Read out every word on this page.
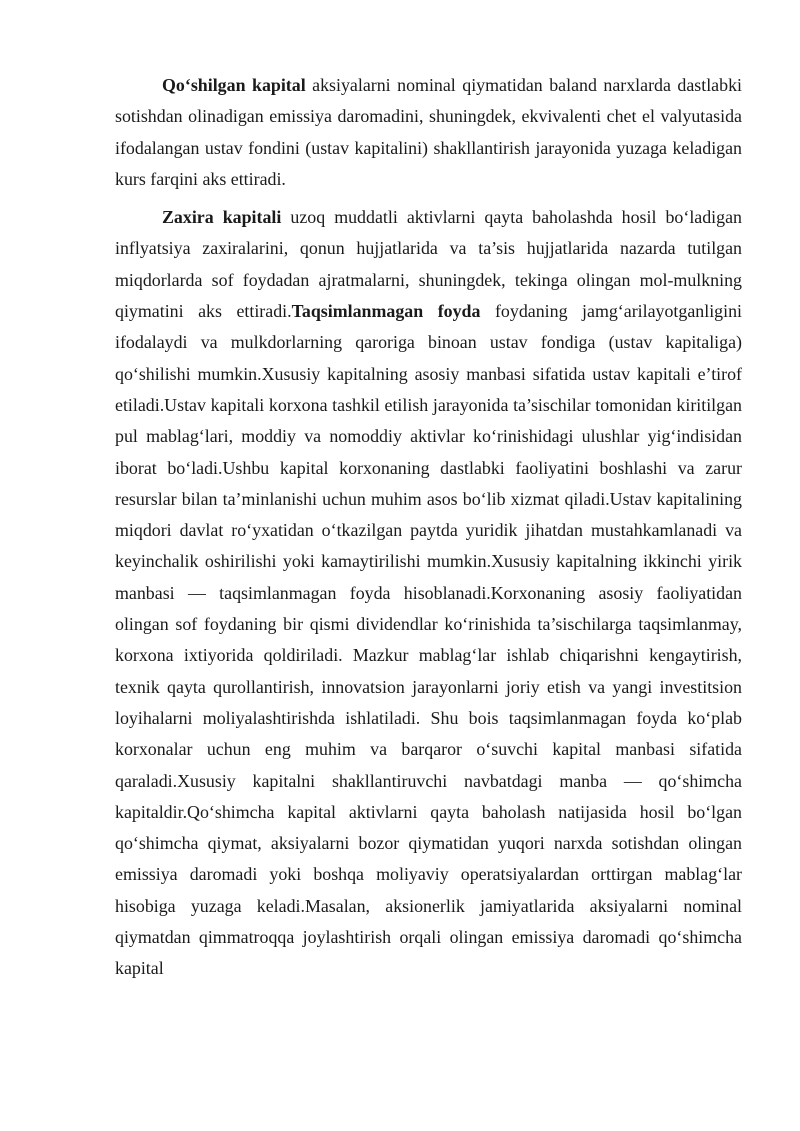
Qo‘shilgan kapital aksiyalarni nominal qiymatidan baland narxlarda dastlabki sotishdan olinadigan emissiya daromadini, shuningdek, ekvivalenti chet el valyutasida ifodalangan ustav fondini (ustav kapitalini) shakllantirish jarayonida yuzaga keladigan kurs farqini aks ettiradi.

Zaxira kapitali uzoq muddatli aktivlarni qayta baholashda hosil bo‘ladigan inflyatsiya zaxiralarini, qonun hujjatlarida va ta’sis hujjatlarida nazarda tutilgan miqdorlarda sof foydadan ajratmalarni, shuningdek, tekinga olingan mol-mulkning qiymatini aks ettiradi.Taqsimlanmagan foyda foydaning jamg‘arilayotganligini ifodalaydi va mulkdorlarning qaroriga binoan ustav fondiga (ustav kapitaliga) qo‘shilishi mumkin.Xususiy kapitalning asosiy manbasi sifatida ustav kapitali e’tirof etiladi.Ustav kapitali korxona tashkil etilish jarayonida ta’sischilar tomonidan kiritilgan pul mablag‘lari, moddiy va nomoddiy aktivlar ko‘rinishidagi ulushlar yig‘indisidan iborat bo‘ladi.Ushbu kapital korxonaning dastlabki faoliyatini boshlashi va zarur resurslar bilan ta’minlanishi uchun muhim asos bo‘lib xizmat qiladi.Ustav kapitalining miqdori davlat ro‘yxatidan o‘tkazilgan paytda yuridik jihatdan mustahkamlanadi va keyinchalik oshirilishi yoki kamaytirilishi mumkin.Xususiy kapitalning ikkinchi yirik manbasi — taqsimlanmagan foyda hisoblanadi.Korxonaning asosiy faoliyatidan olingan sof foydaning bir qismi dividendlar ko‘rinishida ta’sischilarga taqsimlanmay, korxona ixtiyorida qoldiriladi. Mazkur mablag‘lar ishlab chiqarishni kengaytirish, texnik qayta qurollantirish, innovatsion jarayonlarni joriy etish va yangi investitsion loyihalarni moliyalashtirishda ishlatiladi. Shu bois taqsimlanmagan foyda ko‘plab korxonalar uchun eng muhim va barqaror o‘suvchi kapital manbasi sifatida qaraladi.Xususiy kapitalni shakllantiruvchi navbatdagi manba — qo‘shimcha kapitaldir.Qo‘shimcha kapital aktivlarni qayta baholash natijasida hosil bo‘lgan qo‘shimcha qiymat, aksiyalarni bozor qiymatidan yuqori narxda sotishdan olingan emissiya daromadi yoki boshqa moliyaviy operatsiyalardan orttirgan mablag‘lar hisobiga yuzaga keladi.Masalan, aksionerlik jamiyatlarida aksiyalarni nominal qiymatdan qimmatroqqa joylashtirish orqali olingan emissiya daromadi qo‘shimcha kapital
